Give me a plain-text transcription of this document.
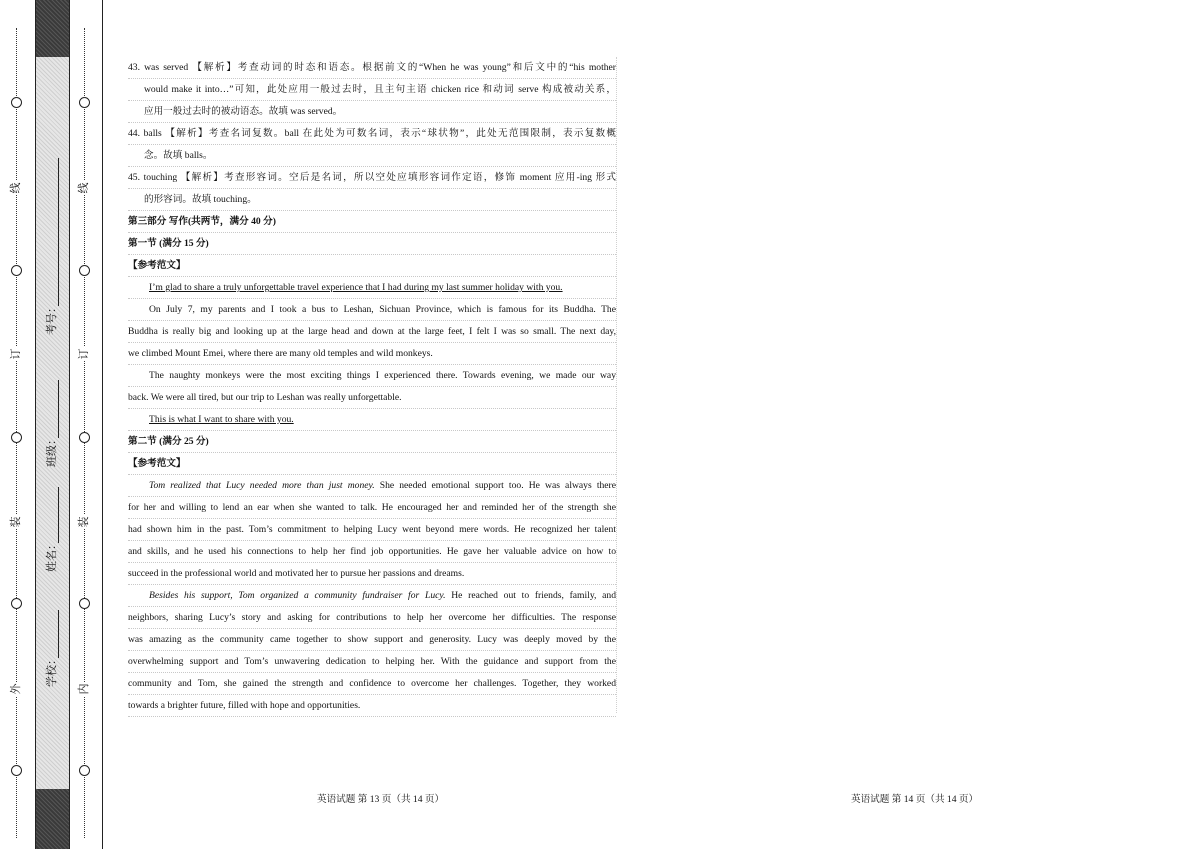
线
订
装
外
线
订
装
内
学校：
姓名：
班级：
考号：
43. was served 【解析】考查动词的时态和语态。根据前文的“When he was young”和后文中的“his mother
would make it into…”可知，此处应用一般过去时，且主句主语 chicken rice 和动词 serve 构成被动关系，
应用一般过去时的被动语态。故填 was served。
44. balls 【解析】考查名词复数。ball 在此处为可数名词，表示“球状物”，此处无范围限制，表示复数概
念。故填 balls。
45. touching 【解析】考查形容词。空后是名词，所以空处应填形容词作定语，修饰 moment 应用-ing 形式
的形容词。故填 touching。
第三部分 写作(共两节，满分 40 分)
第一节 (满分 15 分)
【参考范文】
I’m glad to share a truly unforgettable travel experience that I had during my last summer holiday with you.
On July 7, my parents and I took a bus to Leshan, Sichuan Province, which is famous for its Buddha. The
Buddha is really big and looking up at the large head and down at the large feet, I felt I was so small. The next day,
we climbed Mount Emei, where there are many old temples and wild monkeys.
The naughty monkeys were the most exciting things I experienced there. Towards evening, we made our way
back. We were all tired, but our trip to Leshan was really unforgettable.
This is what I want to share with you.
第二节 (满分 25 分)
【参考范文】
Tom realized that Lucy needed more than just money. She needed emotional support too. He was always there
for her and willing to lend an ear when she wanted to talk. He encouraged her and reminded her of the strength she
had shown him in the past. Tom’s commitment to helping Lucy went beyond mere words. He recognized her talent
and skills, and he used his connections to help her find job opportunities. He gave her valuable advice on how to
succeed in the professional world and motivated her to pursue her passions and dreams.
Besides his support, Tom organized a community fundraiser for Lucy. He reached out to friends, family, and
neighbors, sharing Lucy’s story and asking for contributions to help her overcome her difficulties. The response
was amazing as the community came together to show support and generosity. Lucy was deeply moved by the
overwhelming support and Tom’s unwavering dedication to helping her. With the guidance and support from the
community and Tom, she gained the strength and confidence to overcome her challenges. Together, they worked
towards a brighter future, filled with hope and opportunities.
英语试题 第 13 页（共 14 页）	英语试题 第 14 页（共 14 页）
